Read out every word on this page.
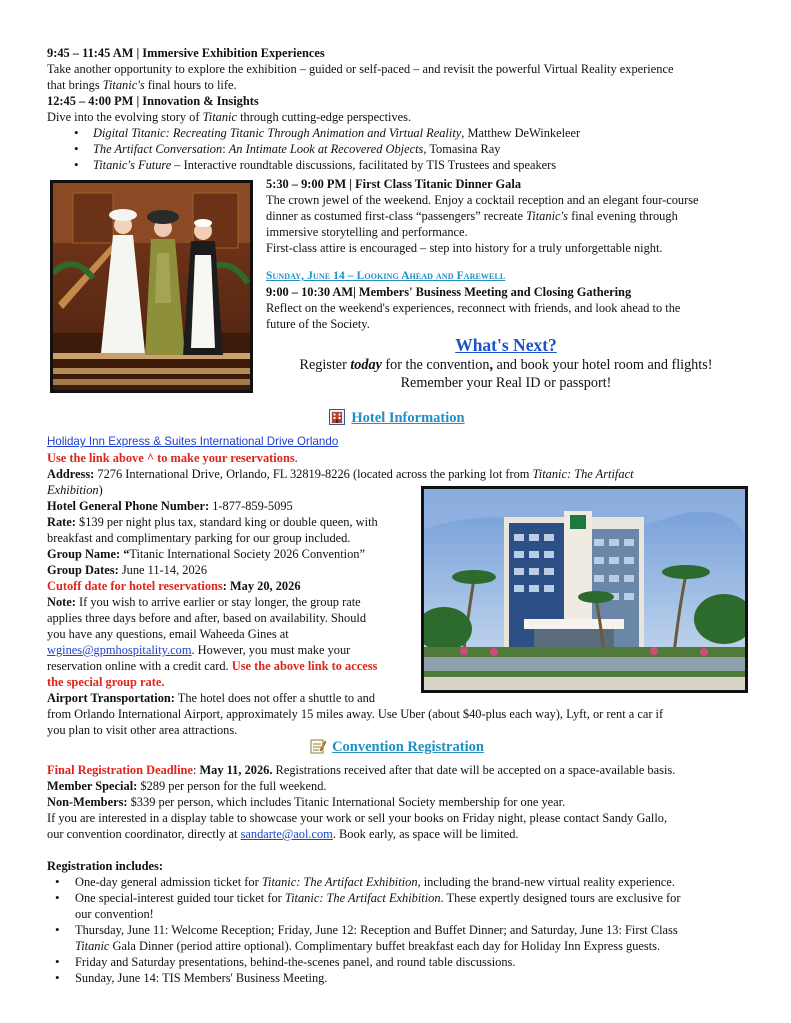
9:45 – 11:45 AM | Immersive Exhibition Experiences
Take another opportunity to explore the exhibition – guided or self-paced – and revisit the powerful Virtual Reality experience
that brings Titanic's final hours to life.
12:45 – 4:00 PM | Innovation & Insights
Dive into the evolving story of Titanic through cutting-edge perspectives.
• Digital Titanic: Recreating Titanic Through Animation and Virtual Reality, Matthew DeWinkeleer
• The Artifact Conversation: An Intimate Look at Recovered Objects, Tomasina Ray
• Titanic's Future – Interactive roundtable discussions, facilitated by TIS Trustees and speakers
5:30 – 9:00 PM | First Class Titanic Dinner Gala
The crown jewel of the weekend. Enjoy a cocktail reception and an elegant four-course
dinner as costumed first-class “passengers” recreate Titanic's final evening through
immersive storytelling and performance.
First-class attire is encouraged – step into history for a truly unforgettable night.
Sunday, June 14 – Looking Ahead and Farewell
9:00 – 10:30 AM| Members' Business Meeting and Closing Gathering
Reflect on the weekend's experiences, reconnect with friends, and look ahead to the
future of the Society.
What's Next?
Register today for the convention, and book your hotel room and flights!
Remember your Real ID or passport!
Hotel Information
Holiday Inn Express & Suites International Drive Orlando
Use the link above ^ to make your reservations.
Address: 7276 International Drive, Orlando, FL 32819-8226 (located across the parking lot from Titanic: The Artifact
Exhibition)
Hotel General Phone Number: 1-877-859-5095
Rate: $139 per night plus tax, standard king or double queen, with
breakfast and complimentary parking for our group included.
Group Name: “Titanic International Society 2026 Convention”
Group Dates: June 11-14, 2026
Cutoff date for hotel reservations: May 20, 2026
Note: If you wish to arrive earlier or stay longer, the group rate
applies three days before and after, based on availability. Should
you have any questions, email Waheeda Gines at
wgines@gpmhospitality.com. However, you must make your
reservation online with a credit card. Use the above link to access
the special group rate.
Airport Transportation: The hotel does not offer a shuttle to and
from Orlando International Airport, approximately 15 miles away. Use Uber (about $40-plus each way), Lyft, or rent a car if
you plan to visit other area attractions.
Convention Registration
Final Registration Deadline: May 11, 2026. Registrations received after that date will be accepted on a space-available basis.
Member Special: $289 per person for the full weekend.
Non-Members: $339 per person, which includes Titanic International Society membership for one year.
If you are interested in a display table to showcase your work or sell your books on Friday night, please contact Sandy Gallo,
our convention coordinator, directly at sandarte@aol.com. Book early, as space will be limited.
Registration includes:
• One-day general admission ticket for Titanic: The Artifact Exhibition, including the brand-new virtual reality experience.
• One special-interest guided tour ticket for Titanic: The Artifact Exhibition. These expertly designed tours are exclusive for
our convention!
• Thursday, June 11: Welcome Reception; Friday, June 12: Reception and Buffet Dinner; and Saturday, June 13: First Class
Titanic Gala Dinner (period attire optional). Complimentary buffet breakfast each day for Holiday Inn Express guests.
• Friday and Saturday presentations, behind-the-scenes panel, and round table discussions.
• Sunday, June 14: TIS Members' Business Meeting.
